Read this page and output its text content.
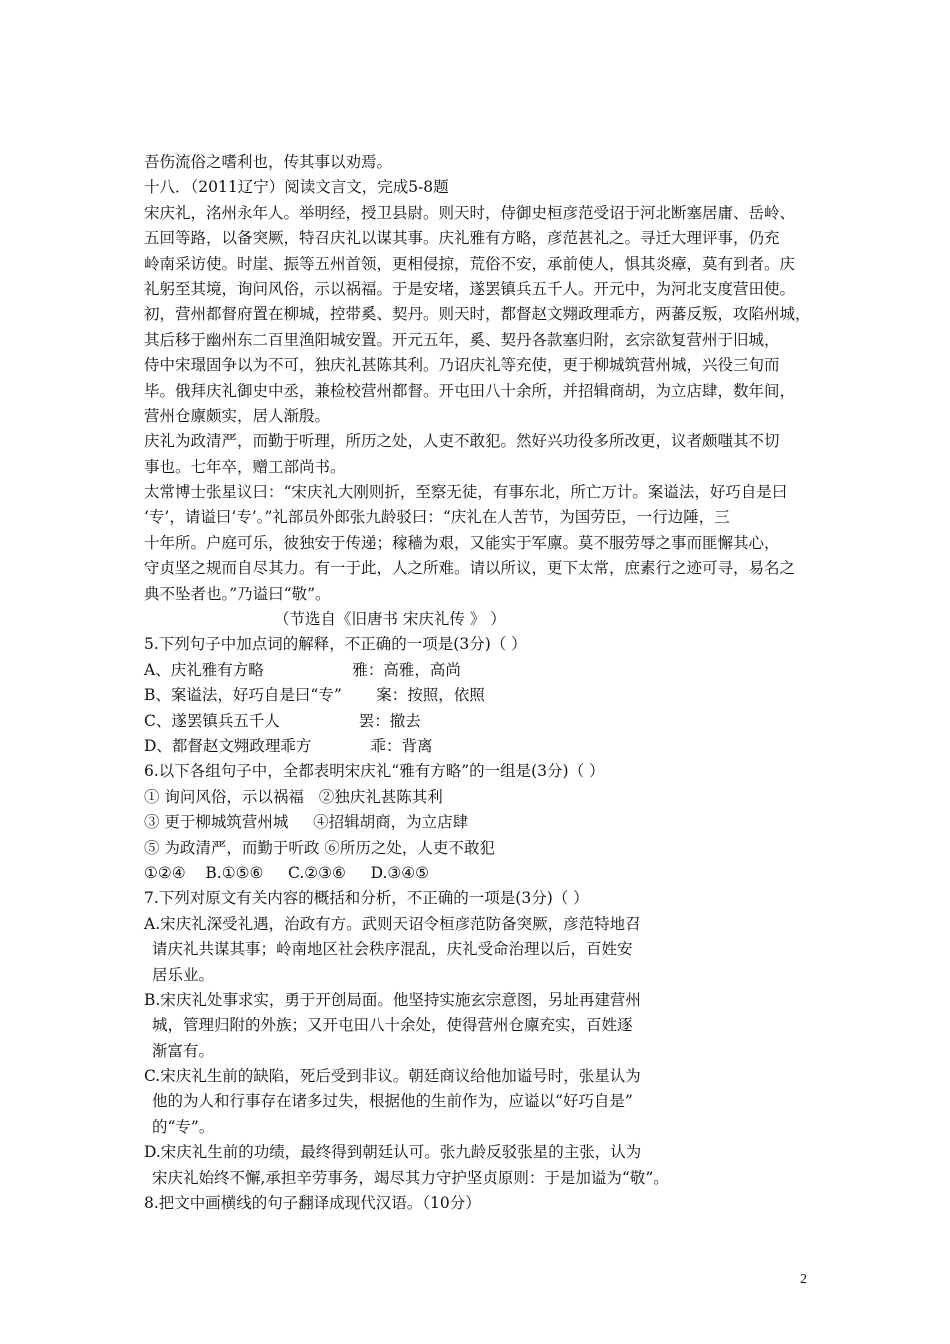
吾伤流俗之嗜利也，传其事以劝焉。
十八．（2011辽宁）阅读文言文，完成5-8题
宋庆礼，洺州永年人。举明经，授卫县尉。则天时，侍御史桓彦范受诏于河北断塞居庸、岳岭、
五回等路，以备突厥，特召庆礼以谋其事。庆礼雅有方略，彦范甚礼之。寻迁大理评事，仍充
岭南采访使。时崖、振等五州首领，更相侵掠，荒俗不安，承前使人，惧其炎瘴，莫有到者。庆
礼躬至其境，询问风俗，示以祸福。于是安堵，遂罢镇兵五千人。开元中，为河北支度营田使。
初，营州都督府置在柳城，控带奚、契丹。则天时，都督赵文翙政理乖方，两蕃反叛，攻陷州城，
其后移于幽州东二百里渔阳城安置。开元五年，奚、契丹各款塞归附，玄宗欲复营州于旧城，
侍中宋璟固争以为不可，独庆礼甚陈其利。乃诏庆礼等充使，更于柳城筑营州城，兴役三旬而
毕。俄拜庆礼御史中丞，兼检校营州都督。开屯田八十余所，并招辑商胡，为立店肆，数年间，
营州仓廪颇实，居人渐殷。
庆礼为政清严，而勤于听理，所历之处，人吏不敢犯。然好兴功役多所改更，议者颇嗤其不切
事也。七年卒，赠工部尚书。
太常博士张星议曰：“宋庆礼大刚则折，至察无徒，有事东北，所亡万计。案谥法，好巧自是曰
‘专’，请谥曰‘专’。”礼部员外郎张九龄驳曰：“庆礼在人苦节，为国劳臣，一行边陲，三
十年所。户庭可乐，彼独安于传递；稼穑为艰，又能实于军廪。莫不服劳辱之事而匪懈其心，
守贞坚之规而自尽其力。有一于此，人之所难。请以所议，更下太常，庶素行之迹可寻，易名之
典不坠者也。”乃谥曰“敬”。
（节选自《旧唐书 宋庆礼传 》 ）
5.下列句子中加点词的解释，不正确的一项是(3分)（ ）
A、庆礼雅有方略                  雅：高雅，高尚
B、案谥法，好巧自是曰“专”       案：按照，依照
C、遂罢镇兵五千人                罢：撤去
D、都督赵文翙政理乖方            乖：背离
6.以下各组句子中，全都表明宋庆礼“雅有方略”的一组是(3分)（ ）
① 询问风俗，示以祸福   ②独庆礼甚陈其利
③ 更于柳城筑营州城     ④招辑胡商，为立店肆
⑤ 为政清严，而勤于听政 ⑥所历之处，人吏不敢犯
①②④    B.①⑤⑥     C.②③⑥     D.③④⑤
7.下列对原文有关内容的概括和分析，不正确的一项是(3分)（ ）
A.宋庆礼深受礼遇，治政有方。武则天诏令桓彦范防备突厥，彦范特地召
请庆礼共谋其事；岭南地区社会秩序混乱，庆礼受命治理以后，百姓安
居乐业。
B.宋庆礼处事求实，勇于开创局面。他坚持实施玄宗意图，另址再建营州
城，管理归附的外族；又开屯田八十余处，使得营州仓廪充实，百姓逐
渐富有。
C.宋庆礼生前的缺陷，死后受到非议。朝廷商议给他加谥号时，张星认为
他的为人和行事存在诸多过失，根据他的生前作为，应谥以“好巧自是”
的“专”。
D.宋庆礼生前的功绩，最终得到朝廷认可。张九龄反驳张星的主张，认为
宋庆礼始终不懈,承担辛劳事务，竭尽其力守护坚贞原则：于是加谥为“敬”。
8.把文中画横线的句子翻译成现代汉语。（10分）
2
